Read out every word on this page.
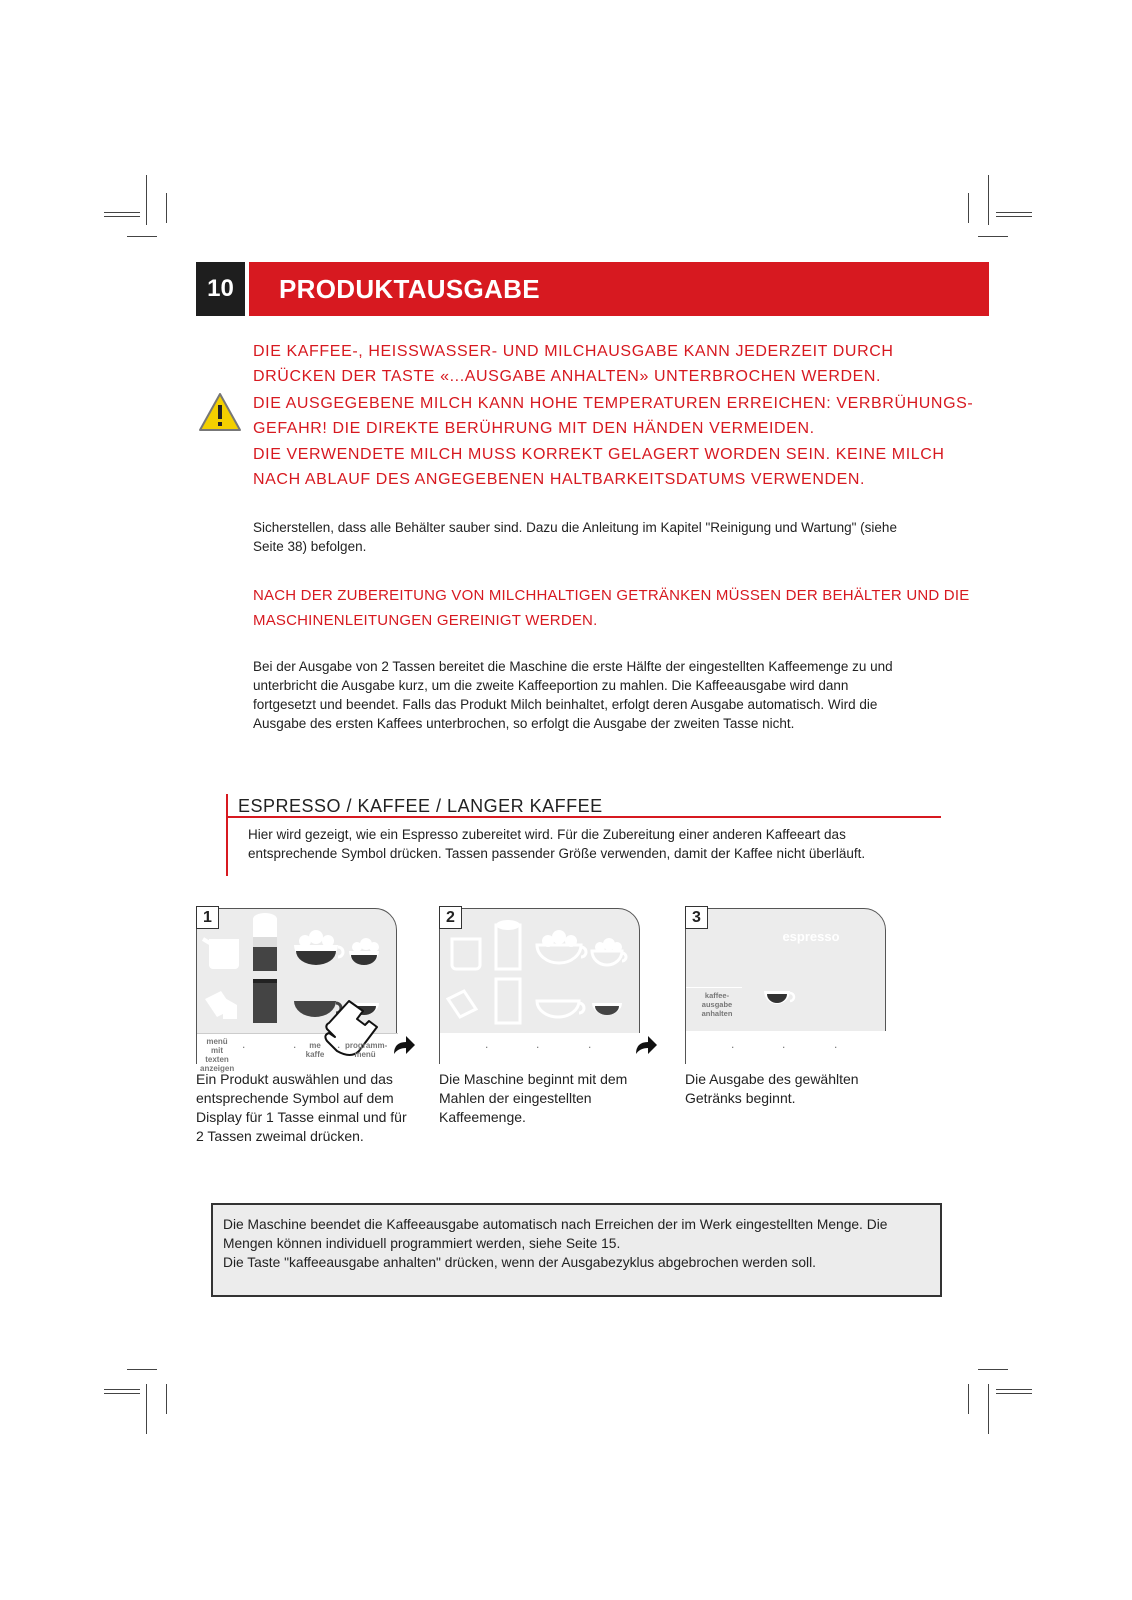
10	PRODUKTAUSGABE
DIE KAFFEE-, HEISSWASSER- UND MILCHAUSGABE KANN JEDERZEIT DURCH
DRÜCKEN DER TASTE «...AUSGABE ANHALTEN» UNTERBROCHEN WERDEN.
DIE AUSGEGEBENE MILCH KANN HOHE TEMPERATUREN ERREICHEN: VERBRÜHUNGS-
GEFAHR! DIE DIREKTE BERÜHRUNG MIT DEN HÄNDEN VERMEIDEN.
DIE VERWENDETE MILCH MUSS KORREKT GELAGERT WORDEN SEIN. KEINE MILCH
NACH ABLAUF DES ANGEGEBENEN HALTBARKEITSDATUMS VERWENDEN.
Sicherstellen, dass alle Behälter sauber sind. Dazu die Anleitung im Kapitel "Reinigung und Wartung" (siehe
Seite 38) befolgen.
NACH DER ZUBEREITUNG VON MILCHHALTIGEN GETRÄNKEN MÜSSEN DER BEHÄLTER UND DIE
MASCHINENLEITUNGEN GEREINIGT WERDEN.
Bei der Ausgabe von 2 Tassen bereitet die Maschine die erste Hälfte der eingestellten Kaffeemenge zu und
unterbricht die Ausgabe kurz, um die zweite Kaffeeportion zu mahlen. Die Kaffeeausgabe wird dann
fortgesetzt und beendet. Falls das Produkt Milch beinhaltet, erfolgt deren Ausgabe automatisch. Wird die
Ausgabe des ersten Kaffees unterbrochen, so erfolgt die Ausgabe der zweiten Tasse nicht.
ESPRESSO / KAFFEE / LANGER KAFFEE
Hier wird gezeigt, wie ein Espresso zubereitet wird. Für die Zubereitung einer anderen Kaffeeart das
entsprechende Symbol drücken. Tassen passender Größe verwenden, damit der Kaffee nicht überläuft.
menü mit
texten
anzeigen
me
kaffe
programm-
menü
.	.	.
1
Ein Produkt auswählen und das
entsprechende Symbol auf dem
Display für 1 Tasse einmal und für
2 Tassen zweimal drücken.
.	.	.
2
Die Maschine beginnt mit dem
Mahlen der eingestellten
Kaffeemenge.
espresso
kaffee-
ausgabe
anhalten
.	.	.
3
Die Ausgabe des gewählten
Getränks beginnt.
Die Maschine beendet die Kaffeeausgabe automatisch nach Erreichen der im Werk eingestellten Menge. Die
Mengen können individuell programmiert werden, siehe Seite 15.
Die Taste "kaffeeausgabe anhalten" drücken, wenn der Ausgabezyklus abgebrochen werden soll.
